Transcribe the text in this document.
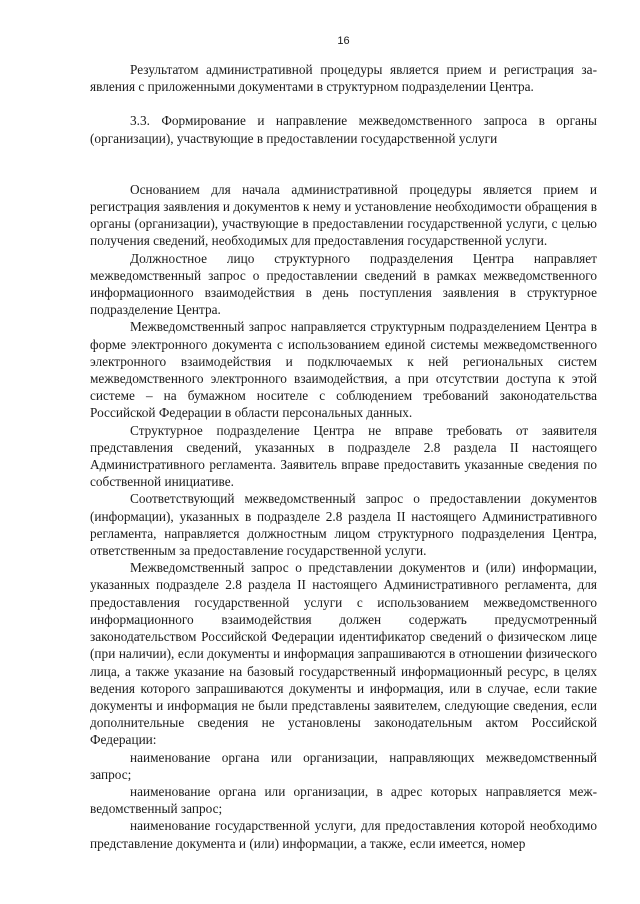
16

Результатом административной процедуры является прием и регистрация заявления с приложенными документами в структурном подразделении Центра.

3.3. Формирование и направление межведомственного запроса в органы (организации), участвующие в предоставлении государственной услуги

Основанием для начала административной процедуры является прием и регистрация заявления и документов к нему и установление необходимости обращения в органы (организации), участвующие в предоставлении государственной услуги, с целью получения сведений, необходимых для предоставления государственной услуги.

Должностное лицо структурного подразделения Центра направляет межведомственный запрос о предоставлении сведений в рамках межведомственного информационного взаимодействия в день поступления заявления в структурное подразделение Центра.

Межведомственный запрос направляется структурным подразделением Центра в форме электронного документа с использованием единой системы межведомственного электронного взаимодействия и подключаемых к ней региональных систем межведомственного электронного взаимодействия, а при отсутствии доступа к этой системе – на бумажном носителе с соблюдением требований законодательства Российской Федерации в области персональных данных.

Структурное подразделение Центра не вправе требовать от заявителя представления сведений, указанных в подразделе 2.8 раздела II настоящего Административного регламента. Заявитель вправе предоставить указанные сведения по собственной инициативе.

Соответствующий межведомственный запрос о предоставлении документов (информации), указанных в подразделе 2.8 раздела II настоящего Административного регламента, направляется должностным лицом структурного подразделения Центра, ответственным за предоставление государственной услуги.

Межведомственный запрос о представлении документов и (или) информации, указанных подразделе 2.8 раздела II настоящего Административного регламента, для предоставления государственной услуги с использованием межведомственного информационного взаимодействия должен содержать предусмотренный законодательством Российской Федерации идентификатор сведений о физическом лице (при наличии), если документы и информация запрашиваются в отношении физического лица, а также указание на базовый государственный информационный ресурс, в целях ведения которого запрашиваются документы и информация, или в случае, если такие документы и информация не были представлены заявителем, следующие сведения, если дополнительные сведения не установлены законодательным актом Российской Федерации:

наименование органа или организации, направляющих межведомственный запрос;

наименование органа или организации, в адрес которых направляется межведомственный запрос;

наименование государственной услуги, для предоставления которой необходимо представление документа и (или) информации, а также, если имеется, номер
